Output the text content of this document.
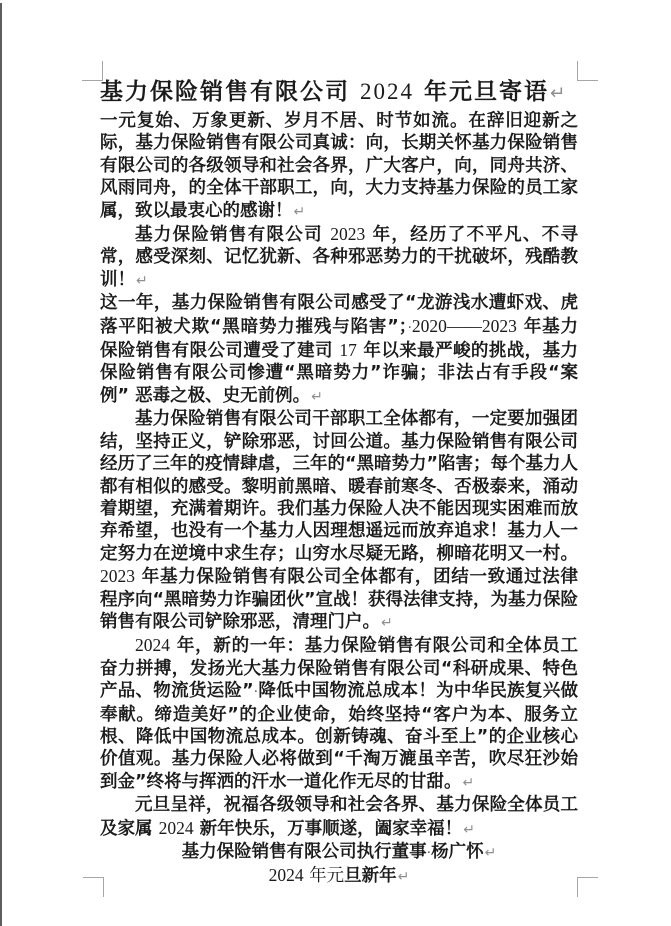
基力保险销售有限公司 2024 年元旦寄语↵

一元复始、万象更新、岁月不居、时节如流。在辞旧迎新之际，基力保险销售有限公司真诚：向，长期关怀基力保险销售有限公司的各级领导和社会各界，广大客户，向，同舟共济、风雨同舟，的全体干部职工，向，大力支持基力保险的员工家属，致以最衷心的感谢！↵

基力保险销售有限公司 2023 年，经历了不平凡、不寻常，感受深刻、记忆犹新、各种邪恶势力的干扰破坏，残酷教训！↵

这一年，基力保险销售有限公司感受了“龙游浅水遭虾戏、虎落平阳被犬欺“黑暗势力摧残与陷害”；·2020——2023 年基力保险销售有限公司遭受了建司 17 年以来最严峻的挑战，基力保险销售有限公司惨遭“黑暗势力”诈骗；非法占有手段“案例” 恶毒之极、史无前例。↵

基力保险销售有限公司干部职工全体都有，一定要加强团结，坚持正义，铲除邪恶，讨回公道。基力保险销售有限公司经历了三年的疫情肆虐，三年的“黑暗势力”陷害；每个基力人都有相似的感受。黎明前黑暗、暖春前寒冬、否极泰来，涌动着期望，充满着期许。我们基力保险人决不能因现实困难而放弃希望，也没有一个基力人因理想遥远而放弃追求！基力人一定努力在逆境中求生存；山穷水尽疑无路，柳暗花明又一村。2023 年基力保险销售有限公司全体都有，团结一致通过法律程序向“黑暗势力诈骗团伙”宣战！获得法律支持，为基力保险销售有限公司铲除邪恶，清理门户。↵

2024 年，新的一年：基力保险销售有限公司和全体员工奋力拼搏，发扬光大基力保险销售有限公司“科研成果、特色产品、物流货运险”·降低中国物流总成本！为中华民族复兴做奉献。缔造美好”的企业使命，始终坚持“客户为本、服务立根、降低中国物流总成本。创新铸魂、奋斗至上”的企业核心价值观。基力保险人必将做到“千淘万漉虽辛苦，吹尽狂沙始到金”终将与挥洒的汗水一道化作无尽的甘甜。↵

元旦呈祥，祝福各级领导和社会各界、基力保险全体员工及家属 2024 新年快乐，万事顺遂，阖家幸福！↵

基力保险销售有限公司执行董事·杨广怀↵

2024 年元旦新年↵
